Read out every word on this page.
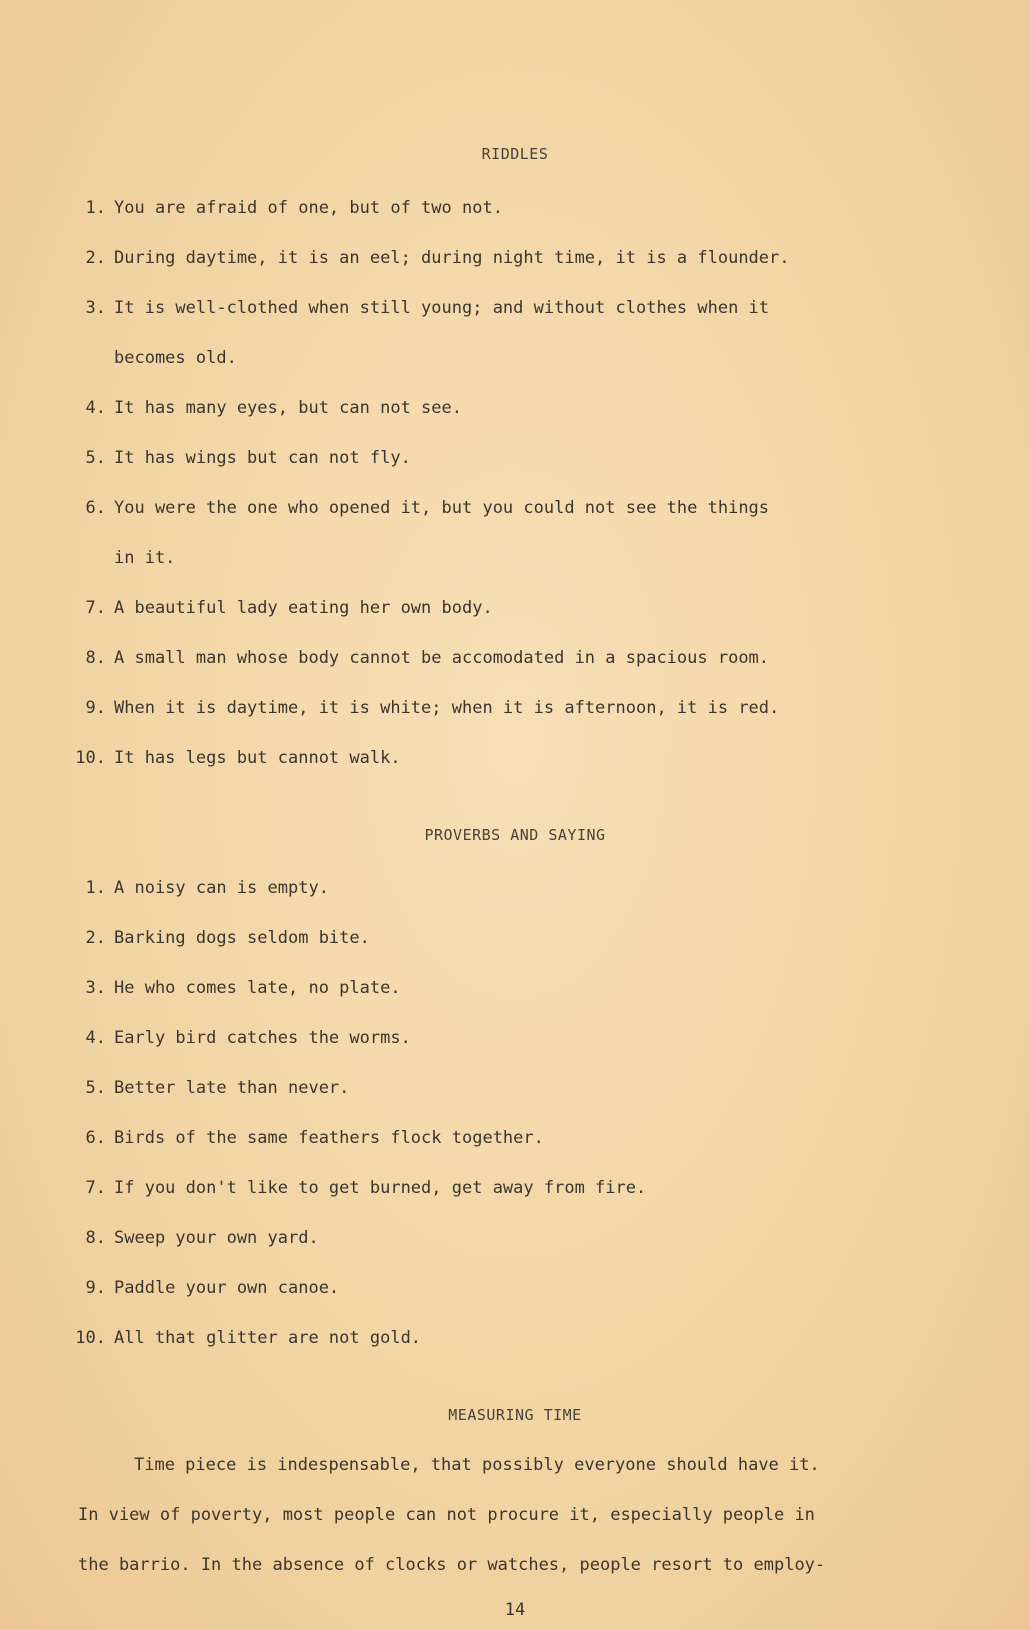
RIDDLES
1. You are afraid of one, but of two not.
2. During daytime, it is an eel; during night time, it is a flounder.
3. It is well-clothed when still young; and without clothes when it
becomes old.
4. It has many eyes, but can not see.
5. It has wings but can not fly.
6. You were the one who opened it, but you could not see the things
in it.
7. A beautiful lady eating her own body.
8. A small man whose body cannot be accomodated in a spacious room.
9. When it is daytime, it is white; when it is afternoon, it is red.
10. It has legs but cannot walk.
PROVERBS AND SAYING
1. A noisy can is empty.
2. Barking dogs seldom bite.
3. He who comes late, no plate.
4. Early bird catches the worms.
5. Better late than never.
6. Birds of the same feathers flock together.
7. If you don't like to get burned, get away from fire.
8. Sweep your own yard.
9. Paddle your own canoe.
10. All that glitter are not gold.
MEASURING TIME
Time piece is indespensable, that possibly everyone should have it.
In view of poverty, most people can not procure it, especially people in
the barrio. In the absence of clocks or watches, people resort to employ-
14
